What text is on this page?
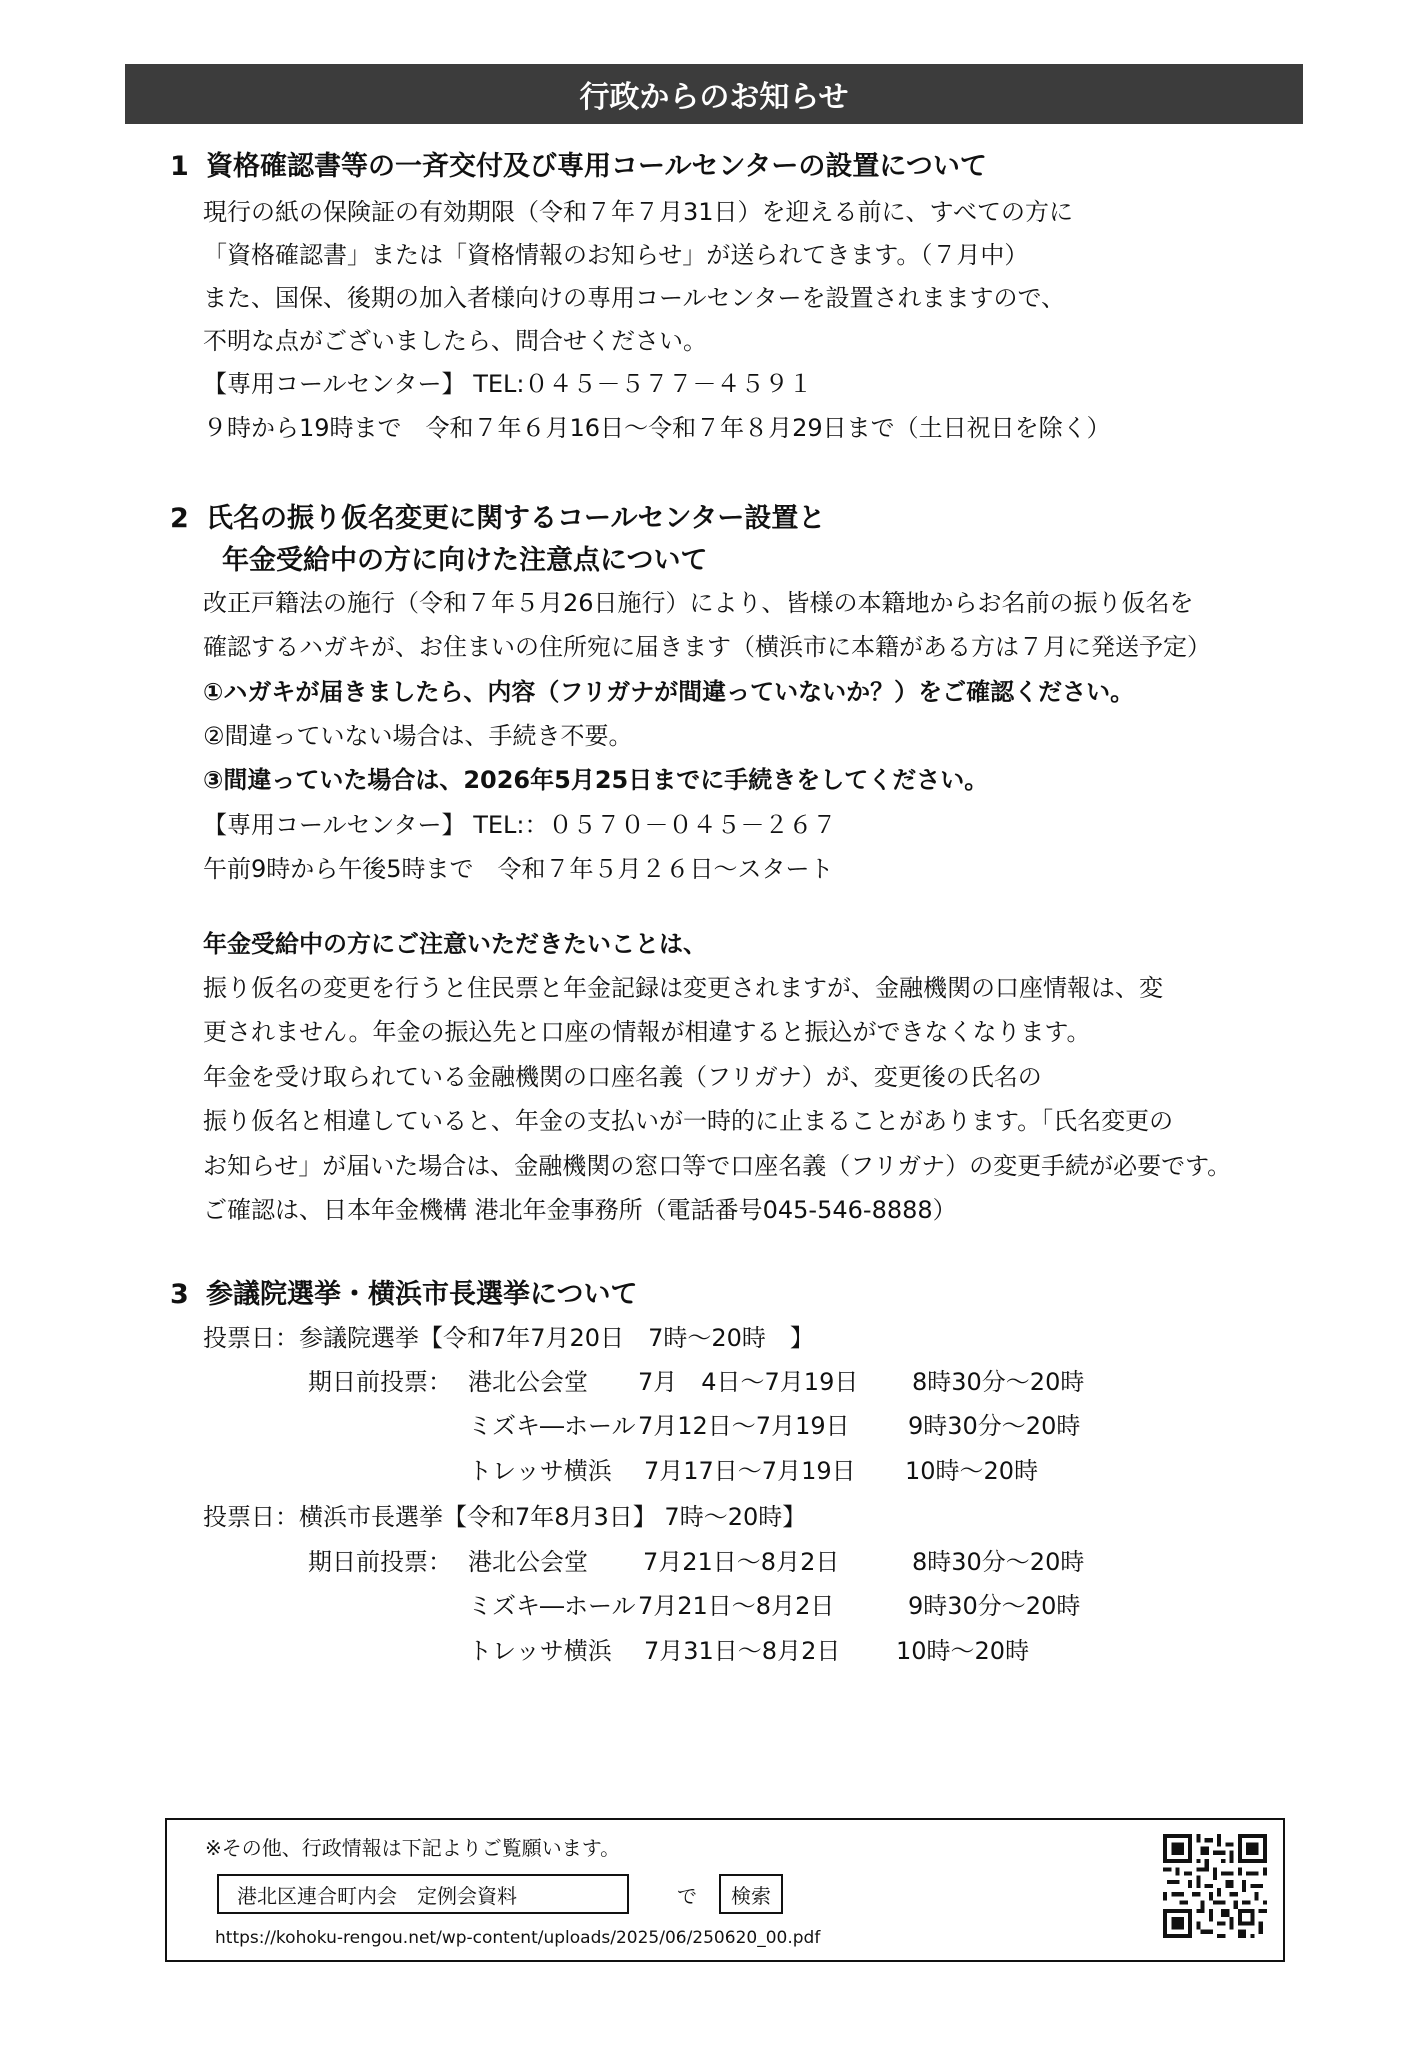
行政からのお知らせ
1 資格確認書等の一斉交付及び専用コールセンターの設置について
現行の紙の保険証の有効期限（令和７年７月31日）を迎える前に、すべての方に
「資格確認書」または「資格情報のお知らせ」が送られてきます。（７月中）
また、国保、後期の加入者様向けの専用コールセンターを設置されまますので、
不明な点がございましたら、問合せください。
【専用コールセンター】 TEL:０４５－５７７－４５９１
９時から19時まで　令和７年６月16日～令和７年８月29日まで（土日祝日を除く）
2 氏名の振り仮名変更に関するコールセンター設置と
年金受給中の方に向けた注意点について
改正戸籍法の施行（令和７年５月26日施行）により、皆様の本籍地からお名前の振り仮名を
確認するハガキが、お住まいの住所宛に届きます（横浜市に本籍がある方は７月に発送予定）
①ハガキが届きましたら、内容（フリガナが間違っていないか？）をご確認ください。
②間違っていない場合は、手続き不要。
③間違っていた場合は、2026年5月25日までに手続きをしてください。
【専用コールセンター】 TEL:：０５７０－０４５－２６７
午前9時から午後5時まで　令和７年５月２６日～スタート
年金受給中の方にご注意いただきたいことは、
振り仮名の変更を行うと住民票と年金記録は変更されますが、金融機関の口座情報は、変
更されません。年金の振込先と口座の情報が相違すると振込ができなくなります。
年金を受け取られている金融機関の口座名義（フリガナ）が、変更後の氏名の
振り仮名と相違していると、年金の支払いが一時的に止まることがあります。「氏名変更の
お知らせ」が届いた場合は、金融機関の窓口等で口座名義（フリガナ）の変更手続が必要です。
ご確認は、日本年金機構 港北年金事務所（電話番号045-546-8888）
3 参議院選挙・横浜市長選挙について
投票日：参議院選挙【令和7年7月20日　7時～20時　】
期日前投票： 港北公会堂 7月　4日～7月19日 8時30分～20時
ミズキ―ホール 7月12日～7月19日 9時30分～20時
トレッサ横浜 7月17日～7月19日 10時～20時
投票日：横浜市長選挙【令和7年8月3日】 7時～20時】
期日前投票： 港北公会堂 7月21日～8月2日	8時30分～20時
ミズキ―ホール 7月21日～8月2日	9時30分～20時
トレッサ横浜 7月31日～8月2日 10時～20時
※その他、行政情報は下記よりご覧願います。
港北区連合町内会　定例会資料	で	検索
https://kohoku-rengou.net/wp-content/uploads/2025/06/250620_00.pdf
